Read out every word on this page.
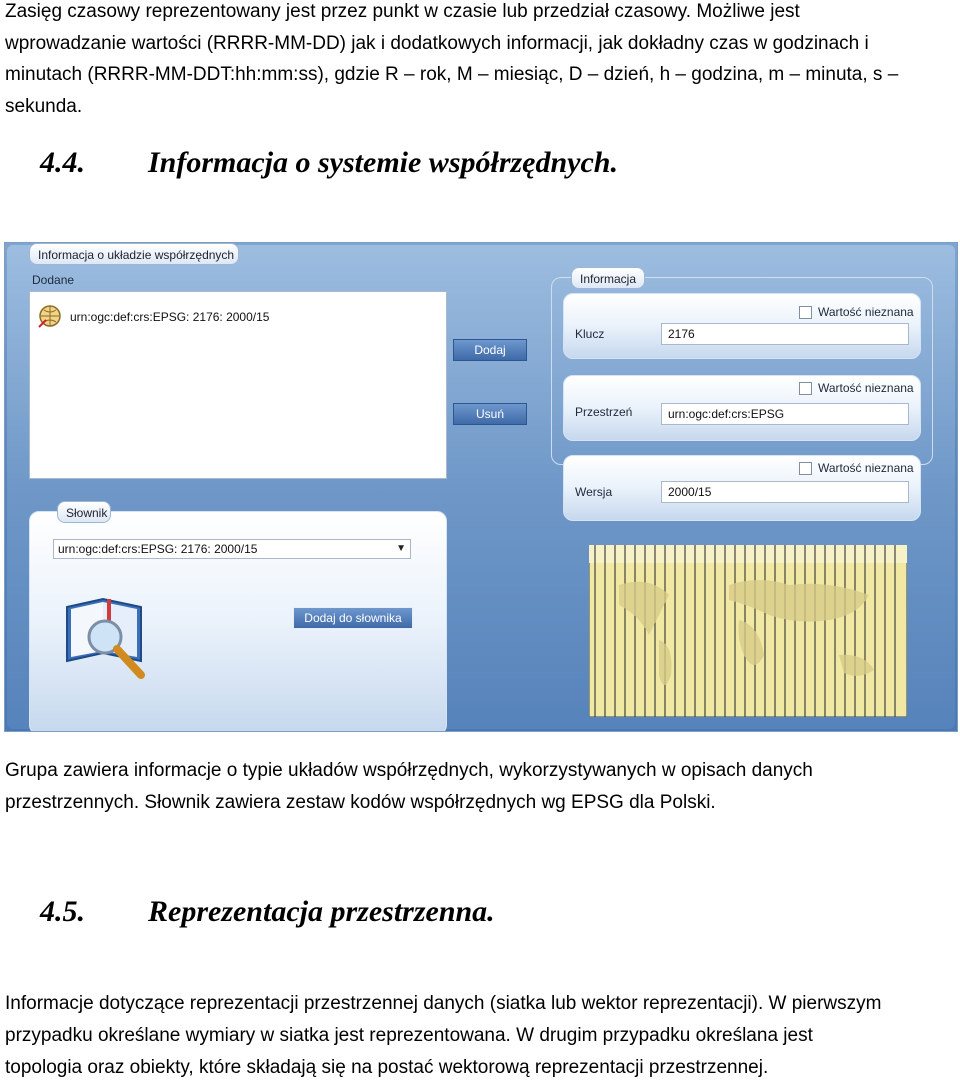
Zasięg czasowy reprezentowany jest przez punkt w czasie lub przedział czasowy. Możliwe jest
wprowadzanie wartości (RRRR-MM-DD) jak i dodatkowych informacji, jak dokładny czas w godzinach i
minutach (RRRR-MM-DDT:hh:mm:ss), gdzie R – rok, M – miesiąc, D – dzień, h – godzina, m – minuta, s –
sekunda.
4.4. Informacja o systemie współrzędnych.
Informacja o układzie współrzędnych
Dodane
urn:ogc:def:crs:EPSG: 2176: 2000/15
Dodaj
Usuń
Słownik
urn:ogc:def:crs:EPSG: 2176: 2000/15	▼
Dodaj do słownika
Informacja
Wartość nieznana
Klucz	2176
Wartość nieznana
Przestrzeń	urn:ogc:def:crs:EPSG
Wartość nieznana
Wersja	2000/15
Grupa zawiera informacje o typie układów współrzędnych, wykorzystywanych w opisach danych
przestrzennych. Słownik zawiera zestaw kodów współrzędnych wg EPSG dla Polski.
4.5. Reprezentacja przestrzenna.
Informacje dotyczące reprezentacji przestrzennej danych (siatka lub wektor reprezentacji). W pierwszym
przypadku określane wymiary w siatka jest reprezentowana. W drugim przypadku określana jest
topologia oraz obiekty, które składają się na postać wektorową reprezentacji przestrzennej.
